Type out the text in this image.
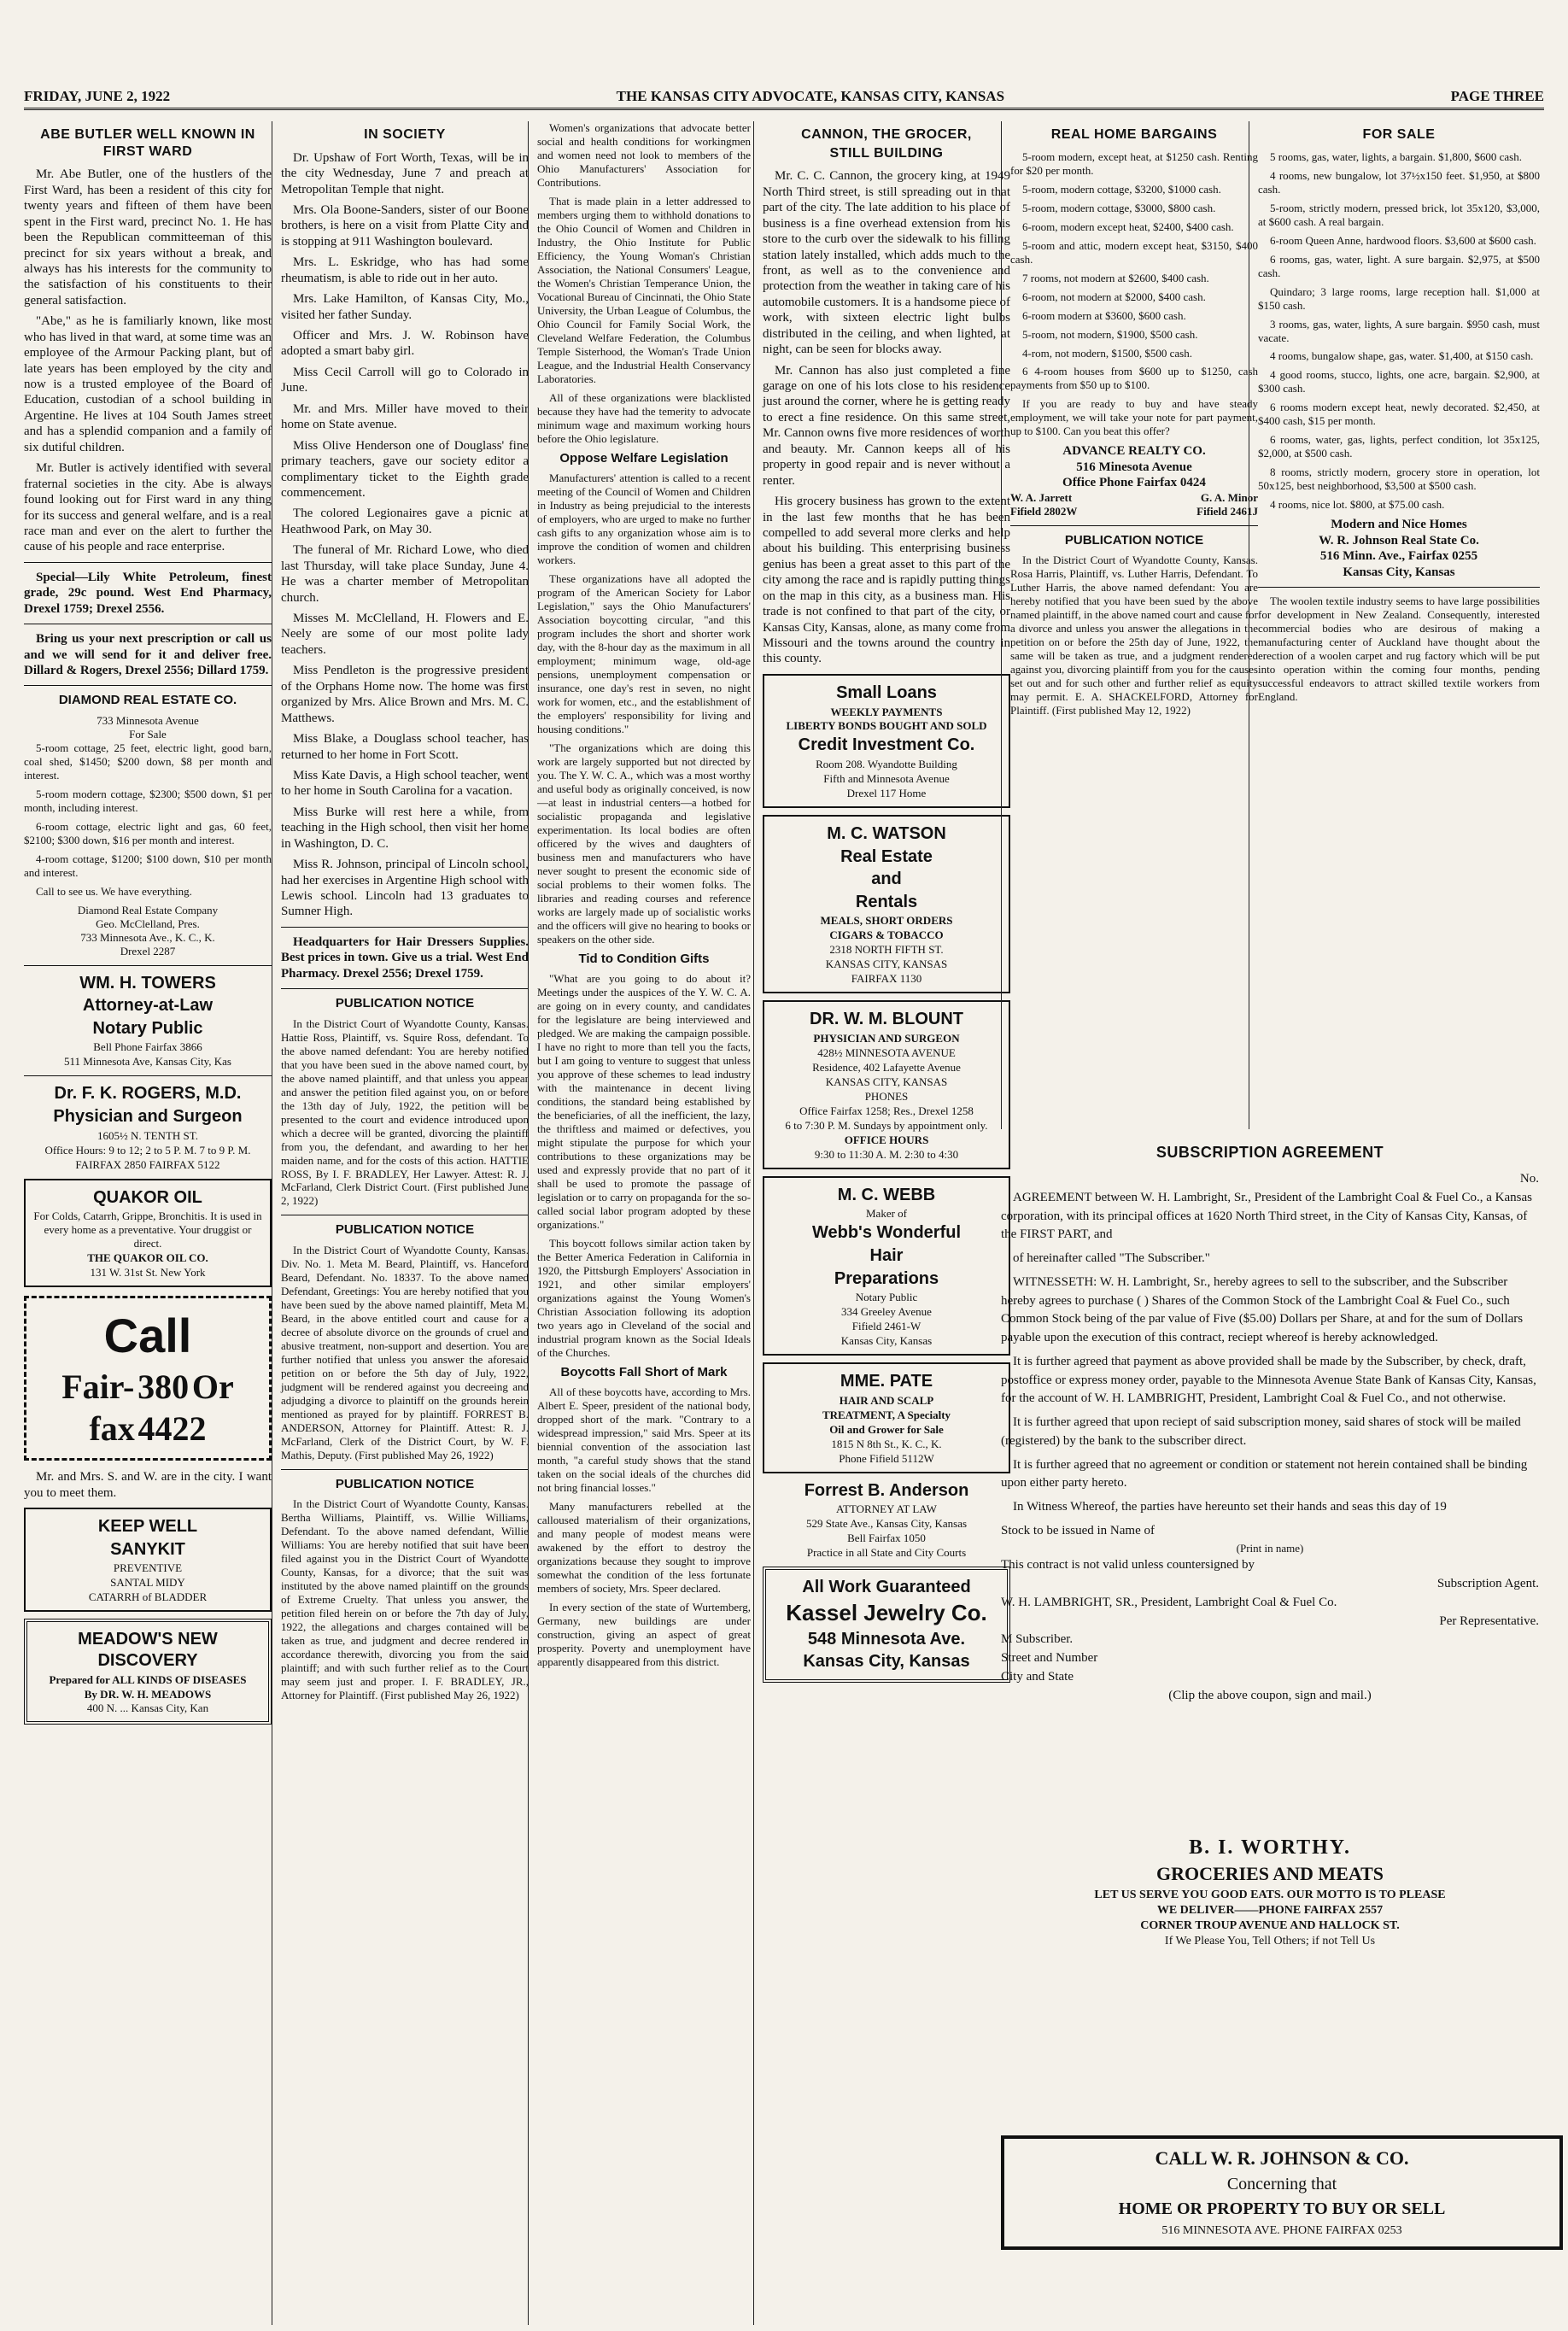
FRIDAY, JUNE 2, 1922	THE KANSAS CITY ADVOCATE, KANSAS CITY, KANSAS	PAGE THREE
ABE BUTLER WELL KNOWN IN FIRST WARD

Mr. Abe Butler, one of the hustlers of the First Ward, has been a resident of this city for twenty years and fifteen of them have been spent in the First ward, precinct No. 1. He has been the Republican committeeman of this precinct for six years without a break, and always has his interests for the community to the satisfaction of his constituents to their general satisfaction.

"Abe," as he is familiarly known, like most who has lived in that ward, at some time was an employee of the Armour Packing plant, but of late years has been employed by the city and now is a trusted employee of the Board of Education, custodian of a school building in Argentine. He lives at 104 South James street and has a splendid companion and a family of six dutiful children.

Mr. Butler is actively identified with several fraternal societies in the city. Abe is always found looking out for First ward in any thing for its success and general welfare, and is a real race man and ever on the alert to further the cause of his people and race enterprise.

Special—Lily White Petroleum, finest grade, 29c pound. West End Pharmacy, Drexel 1759; Drexel 2556.

Bring us your next prescription or call us and we will send for it and deliver free. Dillard & Rogers, Drexel 2556; Dillard 1759.

DIAMOND REAL ESTATE CO.
733 Minnesota Avenue
For Sale

5-room cottage, 25 feet, electric light, good barn, coal shed, $1450; $200 down, $8 per month and interest.

5-room modern cottage, $2300; $500 down, $1 per month, including interest.

6-room cottage, electric light and gas, 60 feet, $2100; $300 down, $16 per month and interest.

4-room cottage, $1200; $100 down, $10 per month and interest.

Call to see us. We have everything.

Diamond Real Estate Company
Geo. McClelland, Pres.
733 Minnesota Ave., K. C., K.
Drexel 2287
WM. H. TOWERS
Attorney-at-Law
Notary Public
Bell Phone Fairfax 3866
511 Minnesota Ave, Kansas City, Kas
Dr. F. K. ROGERS, M.D.
Physician and Surgeon
1605½ N. TENTH ST.
Office Hours: 9 to 12; 2 to 5 P. M. 7 to 9 P. M.
FAIRFAX 2850 FAIRFAX 5122
QUAKOR OIL
For Colds, Catarrh, Grippe, Bronchitis. It is used in every home as a preventative. Your druggist or direct.
THE QUAKOR OIL CO.
131 W. 31st St. New York
Call
Fair- 380 Or
fax 4422

Mr. and Mrs. S. and W. are in the city. I want you to meet them.

KEEP WELL
SANYKIT
PREVENTIVE
SANTAL MIDY
CATARRH of BLADDER
MEADOW'S NEW DISCOVERY
Prepared for ALL KINDS OF DISEASES
By DR. W. H. MEADOWS
400 N. ... Kansas City, Kan
IN SOCIETY

Dr. Upshaw of Fort Worth, Texas, will be in the city Wednesday, June 7 and preach at Metropolitan Temple that night.

Mrs. Ola Boone-Sanders, sister of our Boone brothers, is here on a visit from Platte City and is stopping at 911 Washington boulevard.

Mrs. L. Eskridge, who has had some rheumatism, is able to ride out in her auto.

Mrs. Lake Hamilton, of Kansas City, Mo., visited her father Sunday.

Officer and Mrs. J. W. Robinson have adopted a smart baby girl.

Miss Cecil Carroll will go to Colorado in June.

Mr. and Mrs. Miller have moved to their home on State avenue.

Miss Olive Henderson one of Douglass' fine primary teachers, gave our society editor a complimentary ticket to the Eighth grade commencement.

The colored Legionaires gave a picnic at Heathwood Park, on May 30.

The funeral of Mr. Richard Lowe, who died last Thursday, will take place Sunday, June 4. He was a charter member of Metropolitan church.

Misses M. McClelland, H. Flowers and E. Neely are some of our most polite lady teachers.

Miss Pendleton is the progressive president of the Orphans Home now. The home was first organized by Mrs. Alice Brown and Mrs. M. C. Matthews.

Miss Blake, a Douglass school teacher, has returned to her home in Fort Scott.

Miss Kate Davis, a High school teacher, went to her home in South Carolina for a vacation.

Miss Burke will rest here a while, from teaching in the High school, then visit her home in Washington, D. C.

Miss R. Johnson, principal of Lincoln school, had her exercises in Argentine High school with Lewis school. Lincoln had 13 graduates to Sumner High.

Headquarters for Hair Dressers Supplies. Best prices in town. Give us a trial. West End Pharmacy. Drexel 2556; Drexel 1759.

PUBLICATION NOTICE

In the District Court of Wyandotte County, Kansas. Hattie Ross, Plaintiff, vs. Squire Ross, defendant. To the above named defendant: You are hereby notified that you have been sued in the above named court, by the above named plaintiff, and that unless you appear and answer the petition filed against you, on or before the 13th day of July, 1922, the petition will be presented to the court and evidence introduced upon which a decree will be granted, divorcing the plaintiff from you, the defendant, and awarding to her her maiden name, and for the costs of this action. HATTIE ROSS, By I. F. BRADLEY, Her Lawyer. Attest: R. J. McFarland, Clerk District Court. (First published June 2, 1922)

PUBLICATION NOTICE

In the District Court of Wyandotte County, Kansas. Div. No. 1. Meta M. Beard, Plaintiff, vs. Hanceford Beard, Defendant. No. 18337. To the above named Defendant, Greetings: You are hereby notified that you have been sued by the above named plaintiff, Meta M. Beard, in the above entitled court and cause for a decree of absolute divorce on the grounds of cruel and abusive treatment, non-support and desertion. You are further notified that unless you answer the aforesaid petition on or before the 5th day of July, 1922, judgment will be rendered against you decreeing and adjudging a divorce to plaintiff on the grounds herein mentioned as prayed for by plaintiff. FORREST B. ANDERSON, Attorney for Plaintiff. Attest: R. J. McFarland, Clerk of the District Court, by W. F. Mathis, Deputy. (First published May 26, 1922)

PUBLICATION NOTICE

In the District Court of Wyandotte County, Kansas. Bertha Williams, Plaintiff, vs. Willie Williams, Defendant. To the above named defendant, Willie Williams: You are hereby notified that suit have been filed against you in the District Court of Wyandotte County, Kansas, for a divorce; that the suit was instituted by the above named plaintiff on the grounds of Extreme Cruelty. That unless you answer, the petition filed herein on or before the 7th day of July, 1922, the allegations and charges contained will be taken as true, and judgment and decree rendered in accordance therewith, divorcing you from the said plaintiff; and with such further relief as to the Court may seem just and proper. I. F. BRADLEY, JR., Attorney for Plaintiff. (First published May 26, 1922)

Women's organizations that advocate better social and health conditions for workingmen and women need not look to members of the Ohio Manufacturers' Association for Contributions.

That is made plain in a letter addressed to members urging them to withhold donations to the Ohio Council of Women and Children in Industry, the Ohio Institute for Public Efficiency, the Young Woman's Christian Association, the National Consumers' League, the Women's Christian Temperance Union, the Vocational Bureau of Cincinnati, the Ohio State University, the Urban League of Columbus, the Ohio Council for Family Social Work, the Cleveland Welfare Federation, the Columbus Temple Sisterhood, the Woman's Trade Union League, and the Industrial Health Conservancy Laboratories.

All of these organizations were blacklisted because they have had the temerity to advocate minimum wage and maximum working hours before the Ohio legislature.

Oppose Welfare Legislation

Manufacturers' attention is called to a recent meeting of the Council of Women and Children in Industry as being prejudicial to the interests of employers, who are urged to make no further cash gifts to any organization whose aim is to improve the condition of women and children workers.

These organizations have all adopted the program of the American Society for Labor Legislation," says the Ohio Manufacturers' Association boycotting circular, "and this program includes the short and shorter work day, with the 8-hour day as the maximum in all employment; minimum wage, old-age pensions, unemployment compensation or insurance, one day's rest in seven, no night work for women, etc., and the establishment of the employers' responsibility for living and housing conditions."

"The organizations which are doing this work are largely supported but not directed by you. The Y. W. C. A., which was a most worthy and useful body as originally conceived, is now—at least in industrial centers—a hotbed for socialistic propaganda and legislative experimentation. Its local bodies are often officered by the wives and daughters of business men and manufacturers who have never sought to present the economic side of social problems to their women folks. The libraries and reading courses and reference works are largely made up of socialistic works and the officers will give no hearing to books or speakers on the other side.

Tid to Condition Gifts

"What are you going to do about it? Meetings under the auspices of the Y. W. C. A. are going on in every county, and candidates for the legislature are being interviewed and pledged. We are making the campaign possible. I have no right to more than tell you the facts, but I am going to venture to suggest that unless you approve of these schemes to lead industry with the maintenance in decent living conditions, the standard being established by the beneficiaries, of all the inefficient, the lazy, the thriftless and maimed or defectives, you might stipulate the purpose for which your contributions to these organizations may be used and expressly provide that no part of it shall be used to promote the passage of legislation or to carry on propaganda for the so-called social labor program adopted by these organizations."

This boycott follows similar action taken by the Better America Federation in California in 1920, the Pittsburgh Employers' Association in 1921, and other similar employers' organizations against the Young Women's Christian Association following its adoption two years ago in Cleveland of the social and industrial program known as the Social Ideals of the Churches.

Boycotts Fall Short of Mark

All of these boycotts have, according to Mrs. Albert E. Speer, president of the national body, dropped short of the mark. "Contrary to a widespread impression," said Mrs. Speer at its biennial convention of the association last month, "a careful study shows that the stand taken on the social ideals of the churches did not bring financial losses."

Many manufacturers rebelled at the calloused materialism of their organizations, and many people of modest means were awakened by the effort to destroy the organizations because they sought to improve somewhat the condition of the less fortunate members of society, Mrs. Speer declared.

In every section of the state of Wurtemberg, Germany, new buildings are under construction, giving an aspect of great prosperity. Poverty and unemployment have apparently disappeared from this district.

CANNON, THE GROCER,
STILL BUILDING

Mr. C. C. Cannon, the grocery king, at 1949 North Third street, is still spreading out in that part of the city. The late addition to his place of business is a fine overhead extension from his store to the curb over the sidewalk to his filling station lately installed, which adds much to the front, as well as to the convenience and protection from the weather in taking care of his automobile customers. It is a handsome piece of work, with sixteen electric light bulbs distributed in the ceiling, and when lighted, at night, can be seen for blocks away.

Mr. Cannon has also just completed a fine garage on one of his lots close to his residence just around the corner, where he is getting ready to erect a fine residence. On this same street, Mr. Cannon owns five more residences of worth and beauty. Mr. Cannon keeps all of his property in good repair and is never without a renter.

His grocery business has grown to the extent in the last few months that he has been compelled to add several more clerks and help about his building. This enterprising business genius has been a great asset to this part of the city among the race and is rapidly putting things on the map in this city, as a business man. His trade is not confined to that part of the city, or Kansas City, Kansas, alone, as many come from Missouri and the towns around the country in this county.

Small Loans
WEEKLY PAYMENTS
LIBERTY BONDS BOUGHT AND SOLD
Credit Investment Co.
Room 208. Wyandotte Building
Fifth and Minnesota Avenue
Drexel 117 Home
M. C. WATSON
Real Estate
and
Rentals
MEALS, SHORT ORDERS
CIGARS & TOBACCO
2318 NORTH FIFTH ST.
KANSAS CITY, KANSAS
FAIRFAX 1130
DR. W. M. BLOUNT
PHYSICIAN AND SURGEON
428½ MINNESOTA AVENUE
Residence, 402 Lafayette Avenue
KANSAS CITY, KANSAS
PHONES
Office Fairfax 1258; Res., Drexel 1258
6 to 7:30 P. M. Sundays by appointment only.
OFFICE HOURS
9:30 to 11:30 A. M. 2:30 to 4:30
M. C. WEBB
Maker of
Webb's Wonderful
Hair
Preparations
Notary Public
334 Greeley Avenue
Fifield 2461-W
Kansas City, Kansas
MME. PATE
HAIR AND SCALP
TREATMENT, A Specialty
Oil and Grower for Sale
1815 N 8th St., K. C., K.
Phone Fifield 5112W
Forrest B. Anderson
ATTORNEY AT LAW
529 State Ave., Kansas City, Kansas
Bell Fairfax 1050
Practice in all State and City Courts
All Work Guaranteed
Kassel Jewelry Co.
548 Minnesota Ave.
Kansas City, Kansas
REAL HOME BARGAINS

5-room modern, except heat, at $1250 cash. Renting for $20 per month.

5-room, modern cottage, $3200, $1000 cash.

5-room, modern cottage, $3000, $800 cash.

6-room, modern except heat, $2400, $400 cash.

5-room and attic, modern except heat, $3150, $400 cash.

7 rooms, not modern at $2600, $400 cash.

6-room, not modern at $2000, $400 cash.

6-room modern at $3600, $600 cash.

5-room, not modern, $1900, $500 cash.

4-rom, not modern, $1500, $500 cash.

6 4-room houses from $600 up to $1250, cash payments from $50 up to $100.

If you are ready to buy and have steady employment, we will take your note for part payment, up to $100. Can you beat this offer?

ADVANCE REALTY CO.
516 Minesota Avenue
Office Phone Fairfax 0424
W. A. Jarrett	G. A. Minor
Fifield 2802W	Fifield 2461J
PUBLICATION NOTICE

In the District Court of Wyandotte County, Kansas. Rosa Harris, Plaintiff, vs. Luther Harris, Defendant. To Luther Harris, the above named defendant: You are hereby notified that you have been sued by the above named plaintiff, in the above named court and cause for a divorce and unless you answer the allegations in the petition on or before the 25th day of June, 1922, the same will be taken as true, and a judgment rendered against you, divorcing plaintiff from you for the causes set out and for such other and further relief as equity may permit. E. A. SHACKELFORD, Attorney for Plaintiff. (First published May 12, 1922)

FOR SALE

5 rooms, gas, water, lights, a bargain. $1,800, $600 cash.

4 rooms, new bungalow, lot 37½x150 feet. $1,950, at $800 cash.

5-room, strictly modern, pressed brick, lot 35x120, $3,000, at $600 cash. A real bargain.

6-room Queen Anne, hardwood floors. $3,600 at $600 cash.

6 rooms, gas, water, light. A sure bargain. $2,975, at $500 cash.

Quindaro; 3 large rooms, large reception hall. $1,000 at $150 cash.

3 rooms, gas, water, lights, A sure bargain. $950 cash, must vacate.

4 rooms, bungalow shape, gas, water. $1,400, at $150 cash.

4 good rooms, stucco, lights, one acre, bargain. $2,900, at $300 cash.

6 rooms modern except heat, newly decorated. $2,450, at $400 cash, $15 per month.

6 rooms, water, gas, lights, perfect condition, lot 35x125, $2,000, at $500 cash.

8 rooms, strictly modern, grocery store in operation, lot 50x125, best neighborhood, $3,500 at $500 cash.

4 rooms, nice lot. $800, at $75.00 cash.

Modern and Nice Homes
W. R. Johnson Real State Co.
516 Minn. Ave., Fairfax 0255
Kansas City, Kansas

The woolen textile industry seems to have large possibilities for development in New Zealand. Consequently, interested commercial bodies who are desirous of making a manufacturing center of Auckland have thought about the erection of a woolen carpet and rug factory which will be put into operation within the coming four months, pending successful endeavors to attract skilled textile workers from England.

SUBSCRIPTION AGREEMENT
No.

AGREEMENT between W. H. Lambright, Sr., President of the Lambright Coal & Fuel Co., a Kansas corporation, with its principal offices at 1620 North Third street, in the City of Kansas City, Kansas, of the FIRST PART, and

of hereinafter called "The Subscriber."

WITNESSETH: W. H. Lambright, Sr., hereby agrees to sell to the subscriber, and the Subscriber hereby agrees to purchase ( ) Shares of the Common Stock of the Lambright Coal & Fuel Co., such Common Stock being of the par value of Five ($5.00) Dollars per Share, at and for the sum of Dollars payable upon the execution of this contract, reciept whereof is hereby acknowledged.

It is further agreed that payment as above provided shall be made by the Subscriber, by check, draft, postoffice or express money order, payable to the Minnesota Avenue State Bank of Kansas City, Kansas, for the account of W. H. LAMBRIGHT, President, Lambright Coal & Fuel Co., and not otherwise.

It is further agreed that upon reciept of said subscription money, said shares of stock will be mailed (registered) by the bank to the subscriber direct.

It is further agreed that no agreement or condition or statement not herein contained shall be binding upon either party hereto.

In Witness Whereof, the parties have hereunto set their hands and seas this day of 19

Stock to be issued in Name of
(Print in name)
This contract is not valid unless countersigned by
Subscription Agent.
W. H. LAMBRIGHT, SR., President, Lambright Coal & Fuel Co.
Per Representative.
M Subscriber.
Street and Number
City and State
(Clip the above coupon, sign and mail.)
B. I. WORTHY.
GROCERIES AND MEATS
LET US SERVE YOU GOOD EATS. OUR MOTTO IS TO PLEASE
WE DELIVER——PHONE FAIRFAX 2557
CORNER TROUP AVENUE AND HALLOCK ST.
If We Please You, Tell Others; if not Tell Us
CALL W. R. JOHNSON & CO.
Concerning that
HOME OR PROPERTY TO BUY OR SELL
516 MINNESOTA AVE. PHONE FAIRFAX 0253
